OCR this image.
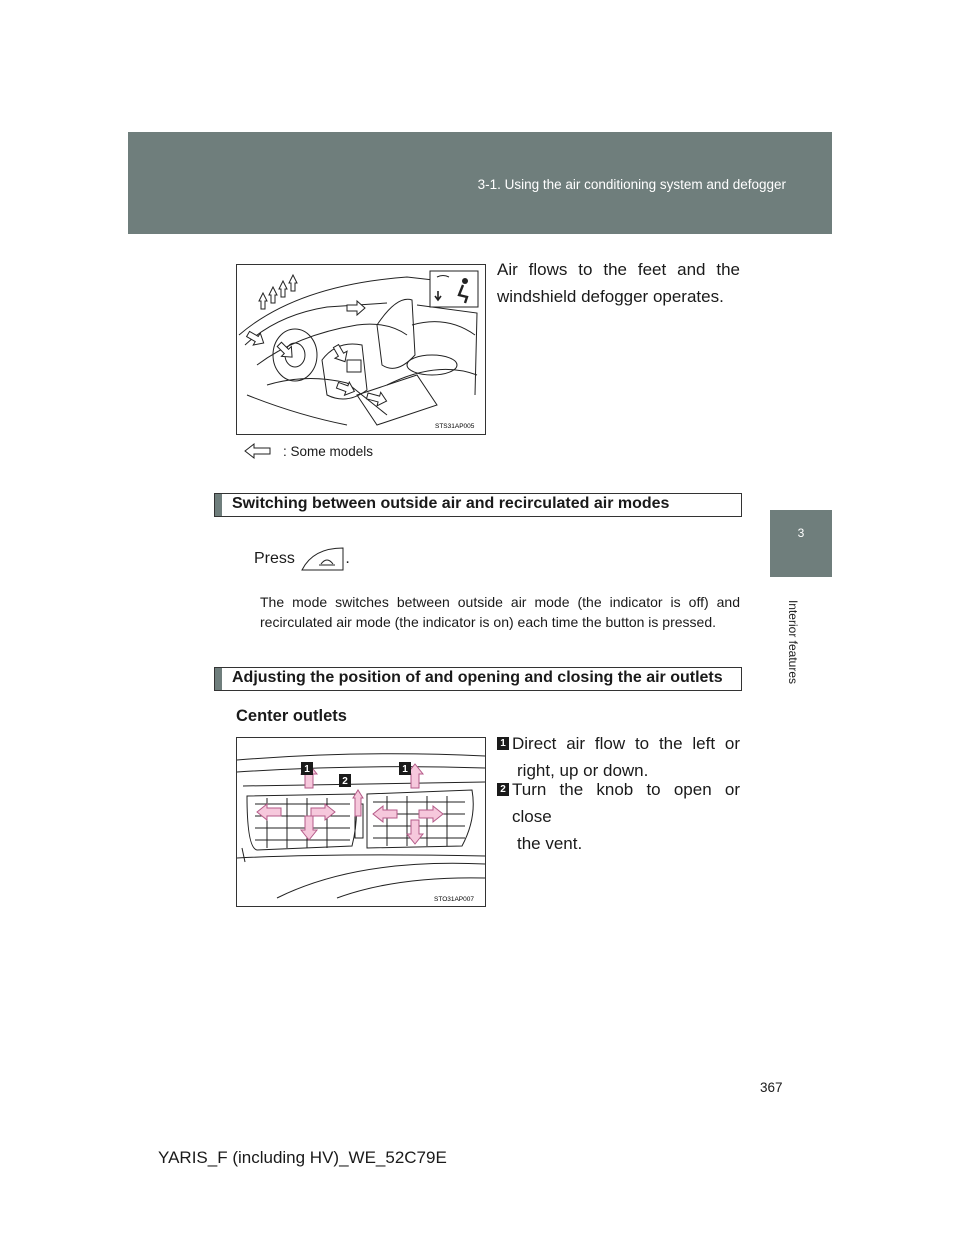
3-1. Using the air conditioning system and defogger
3
Interior features
STS31AP005
Air flows to the feet and the
windshield defogger operates.
: Some models
Switching between outside air and recirculated air modes
Press	.
The mode switches between outside air mode (the indicator is off) and recirculated air mode (the indicator is on) each time the button is pressed.
Adjusting the position of and opening and closing the air outlets
Center outlets
1	1
2
STO31AP007
1 Direct air flow to the left or
right, up or down.
2 Turn the knob to open or close
the vent.
367
YARIS_F (including HV)_WE_52C79E
